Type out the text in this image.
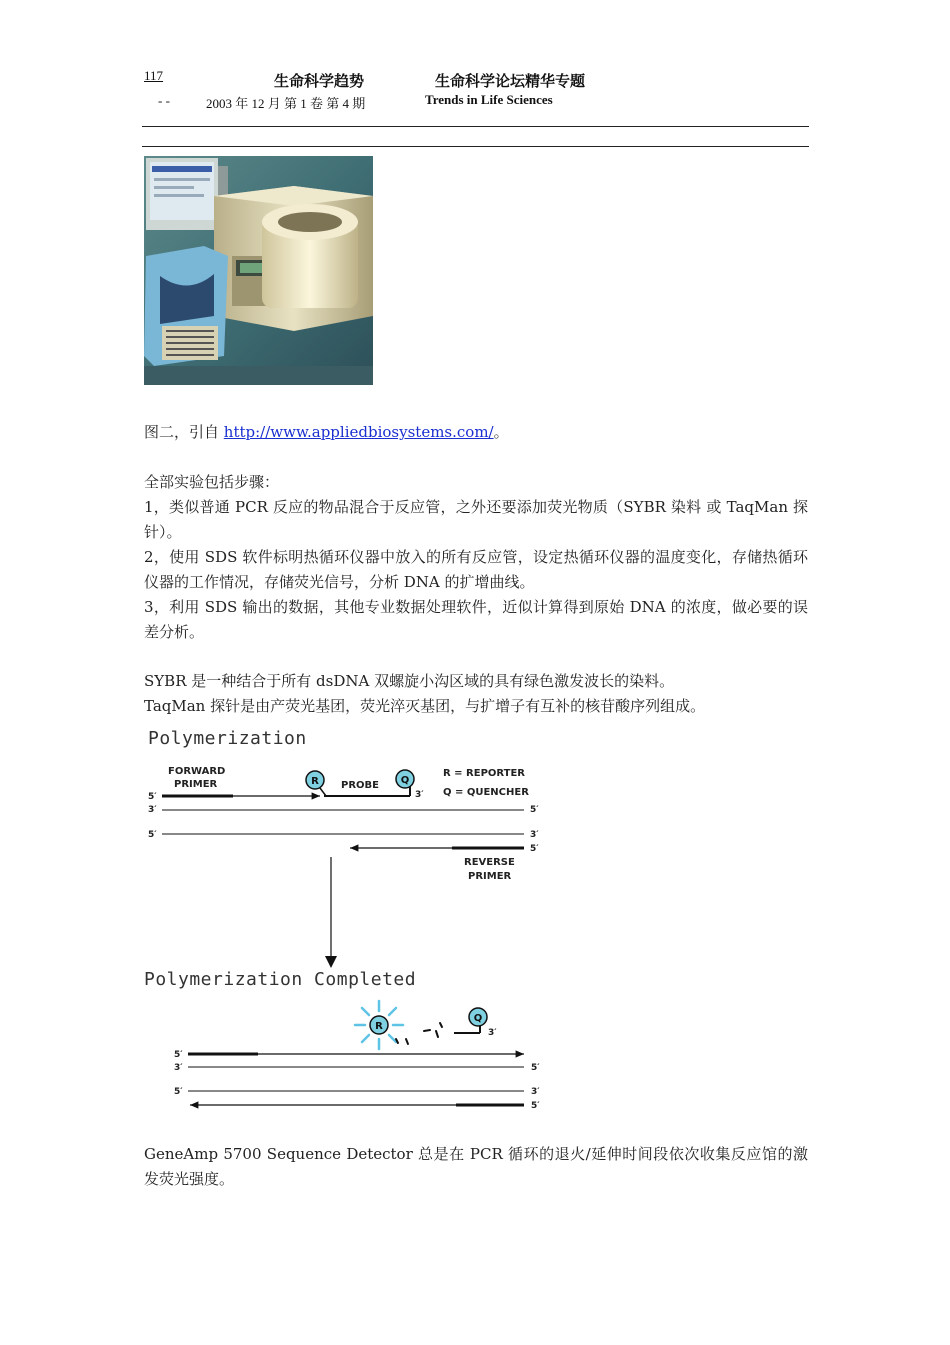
117
- -	2003 年 12 月 第 1 卷 第 4 期
生命科学趋势	生命科学论坛精华专题
Trends in Life Sciences

图二，引自 http://www.appliedbiosystems.com/。

全部实验包括步骤：

1，类似普通 PCR 反应的物品混合于反应管，之外还要添加荧光物质（SYBR 染料 或 TaqMan 探针）。

2，使用 SDS 软件标明热循环仪器中放入的所有反应管，设定热循环仪器的温度变化，存储热循环仪器的工作情况，存储荧光信号，分析 DNA 的扩增曲线。

3，利用 SDS 输出的数据，其他专业数据处理软件，近似计算得到原始 DNA 的浓度，做必要的误差分析。

SYBR 是一种结合于所有 dsDNA 双螺旋小沟区域的具有绿色激发波长的染料。

TaqMan 探针是由产荧光基团，荧光淬灭基团，与扩增子有互补的核苷酸序列组成。

Polymerization
Polymerization Completed
FORWARD
PRIMER	PROBE
R = REPORTER
Q = QUENCHER
REVERSE
PRIMER
5′
3′	5′
5′	3′
5′
3′
R	Q
5′
3′	5′
5′	3′
5′
3′
R
Q

GeneAmp 5700 Sequence Detector 总是在 PCR 循环的退火/延伸时间段依次收集反应馆的激发荧光强度。
